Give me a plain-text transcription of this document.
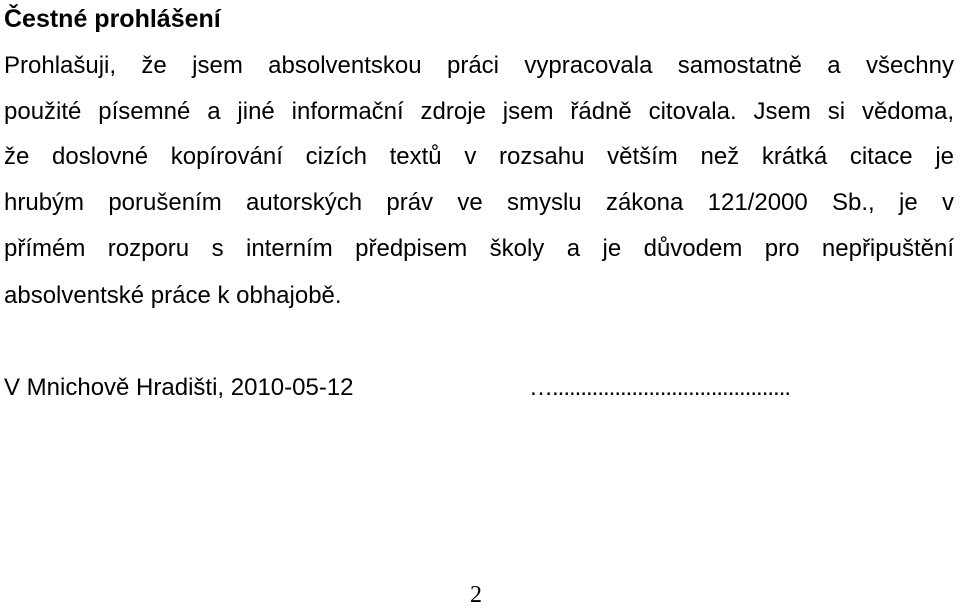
Čestné prohlášení
Prohlašuji, že jsem absolventskou práci vypracovala samostatně a všechny
použité písemné a jiné informační zdroje jsem řádně citovala. Jsem si vědoma,
že doslovné kopírování cizích textů v rozsahu větším než krátká citace je
hrubým porušením autorských práv ve smyslu zákona 121/2000 Sb., je v
přímém rozporu s interním předpisem školy a je důvodem pro nepřipuštění
absolventské práce k obhajobě.
V Mnichově Hradišti, 2010-05-12	…..........................................
2
